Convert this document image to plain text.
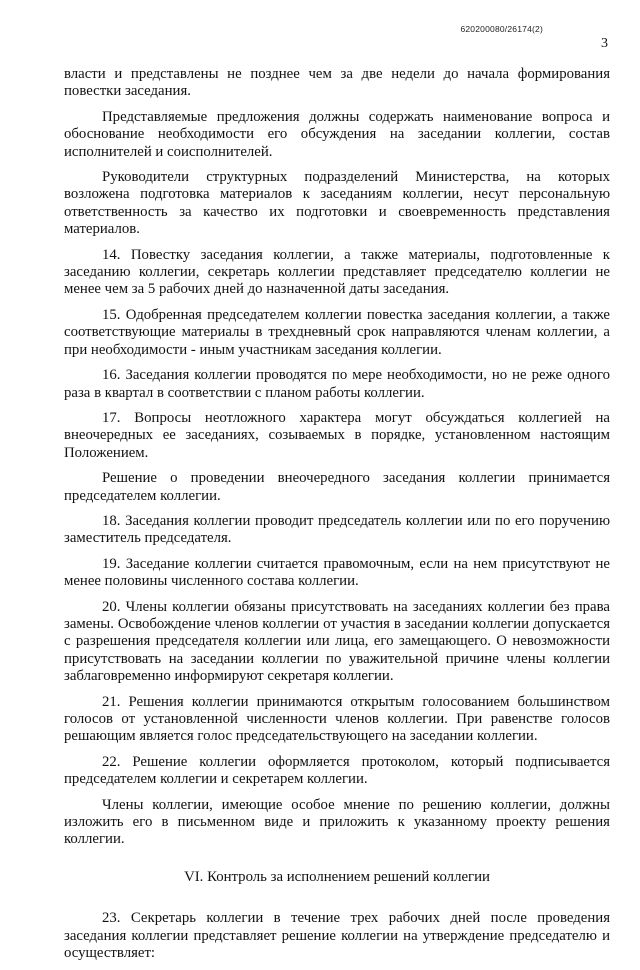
620200080/26174(2)
3

власти и представлены не позднее чем за две недели до начала формирования повестки заседания.

Представляемые предложения должны содержать наименование вопроса и обоснование необходимости его обсуждения на заседании коллегии, состав исполнителей и соисполнителей.

Руководители структурных подразделений Министерства, на которых возложена подготовка материалов к заседаниям коллегии, несут персональную ответственность за качество их подготовки и своевременность представления материалов.

14. Повестку заседания коллегии, а также материалы, подготовленные к заседанию коллегии, секретарь коллегии представляет председателю коллегии не менее чем за 5 рабочих дней до назначенной даты заседания.

15. Одобренная председателем коллегии повестка заседания коллегии, а также соответствующие материалы в трехдневный срок направляются членам коллегии, а при необходимости - иным участникам заседания коллегии.

16. Заседания коллегии проводятся по мере необходимости, но не реже одного раза в квартал в соответствии с планом работы коллегии.

17. Вопросы неотложного характера могут обсуждаться коллегией на внеочередных ее заседаниях, созываемых в порядке, установленном настоящим Положением.

Решение о проведении внеочередного заседания коллегии принимается председателем коллегии.

18. Заседания коллегии проводит председатель коллегии или по его поручению заместитель председателя.

19. Заседание коллегии считается правомочным, если на нем присутствуют не менее половины численного состава коллегии.

20. Члены коллегии обязаны присутствовать на заседаниях коллегии без права замены. Освобождение членов коллегии от участия в заседании коллегии допускается с разрешения председателя коллегии или лица, его замещающего. О невозможности присутствовать на заседании коллегии по уважительной причине члены коллегии заблаговременно информируют секретаря коллегии.

21. Решения коллегии принимаются открытым голосованием большинством голосов от установленной численности членов коллегии. При равенстве голосов решающим является голос председательствующего на заседании коллегии.

22. Решение коллегии оформляется протоколом, который подписывается председателем коллегии и секретарем коллегии.

Члены коллегии, имеющие особое мнение по решению коллегии, должны изложить его в письменном виде и приложить к указанному проекту решения коллегии.

VI. Контроль за исполнением решений коллегии

23. Секретарь коллегии в течение трех рабочих дней после проведения заседания коллегии представляет решение коллегии на утверждение председателю и осуществляет:
